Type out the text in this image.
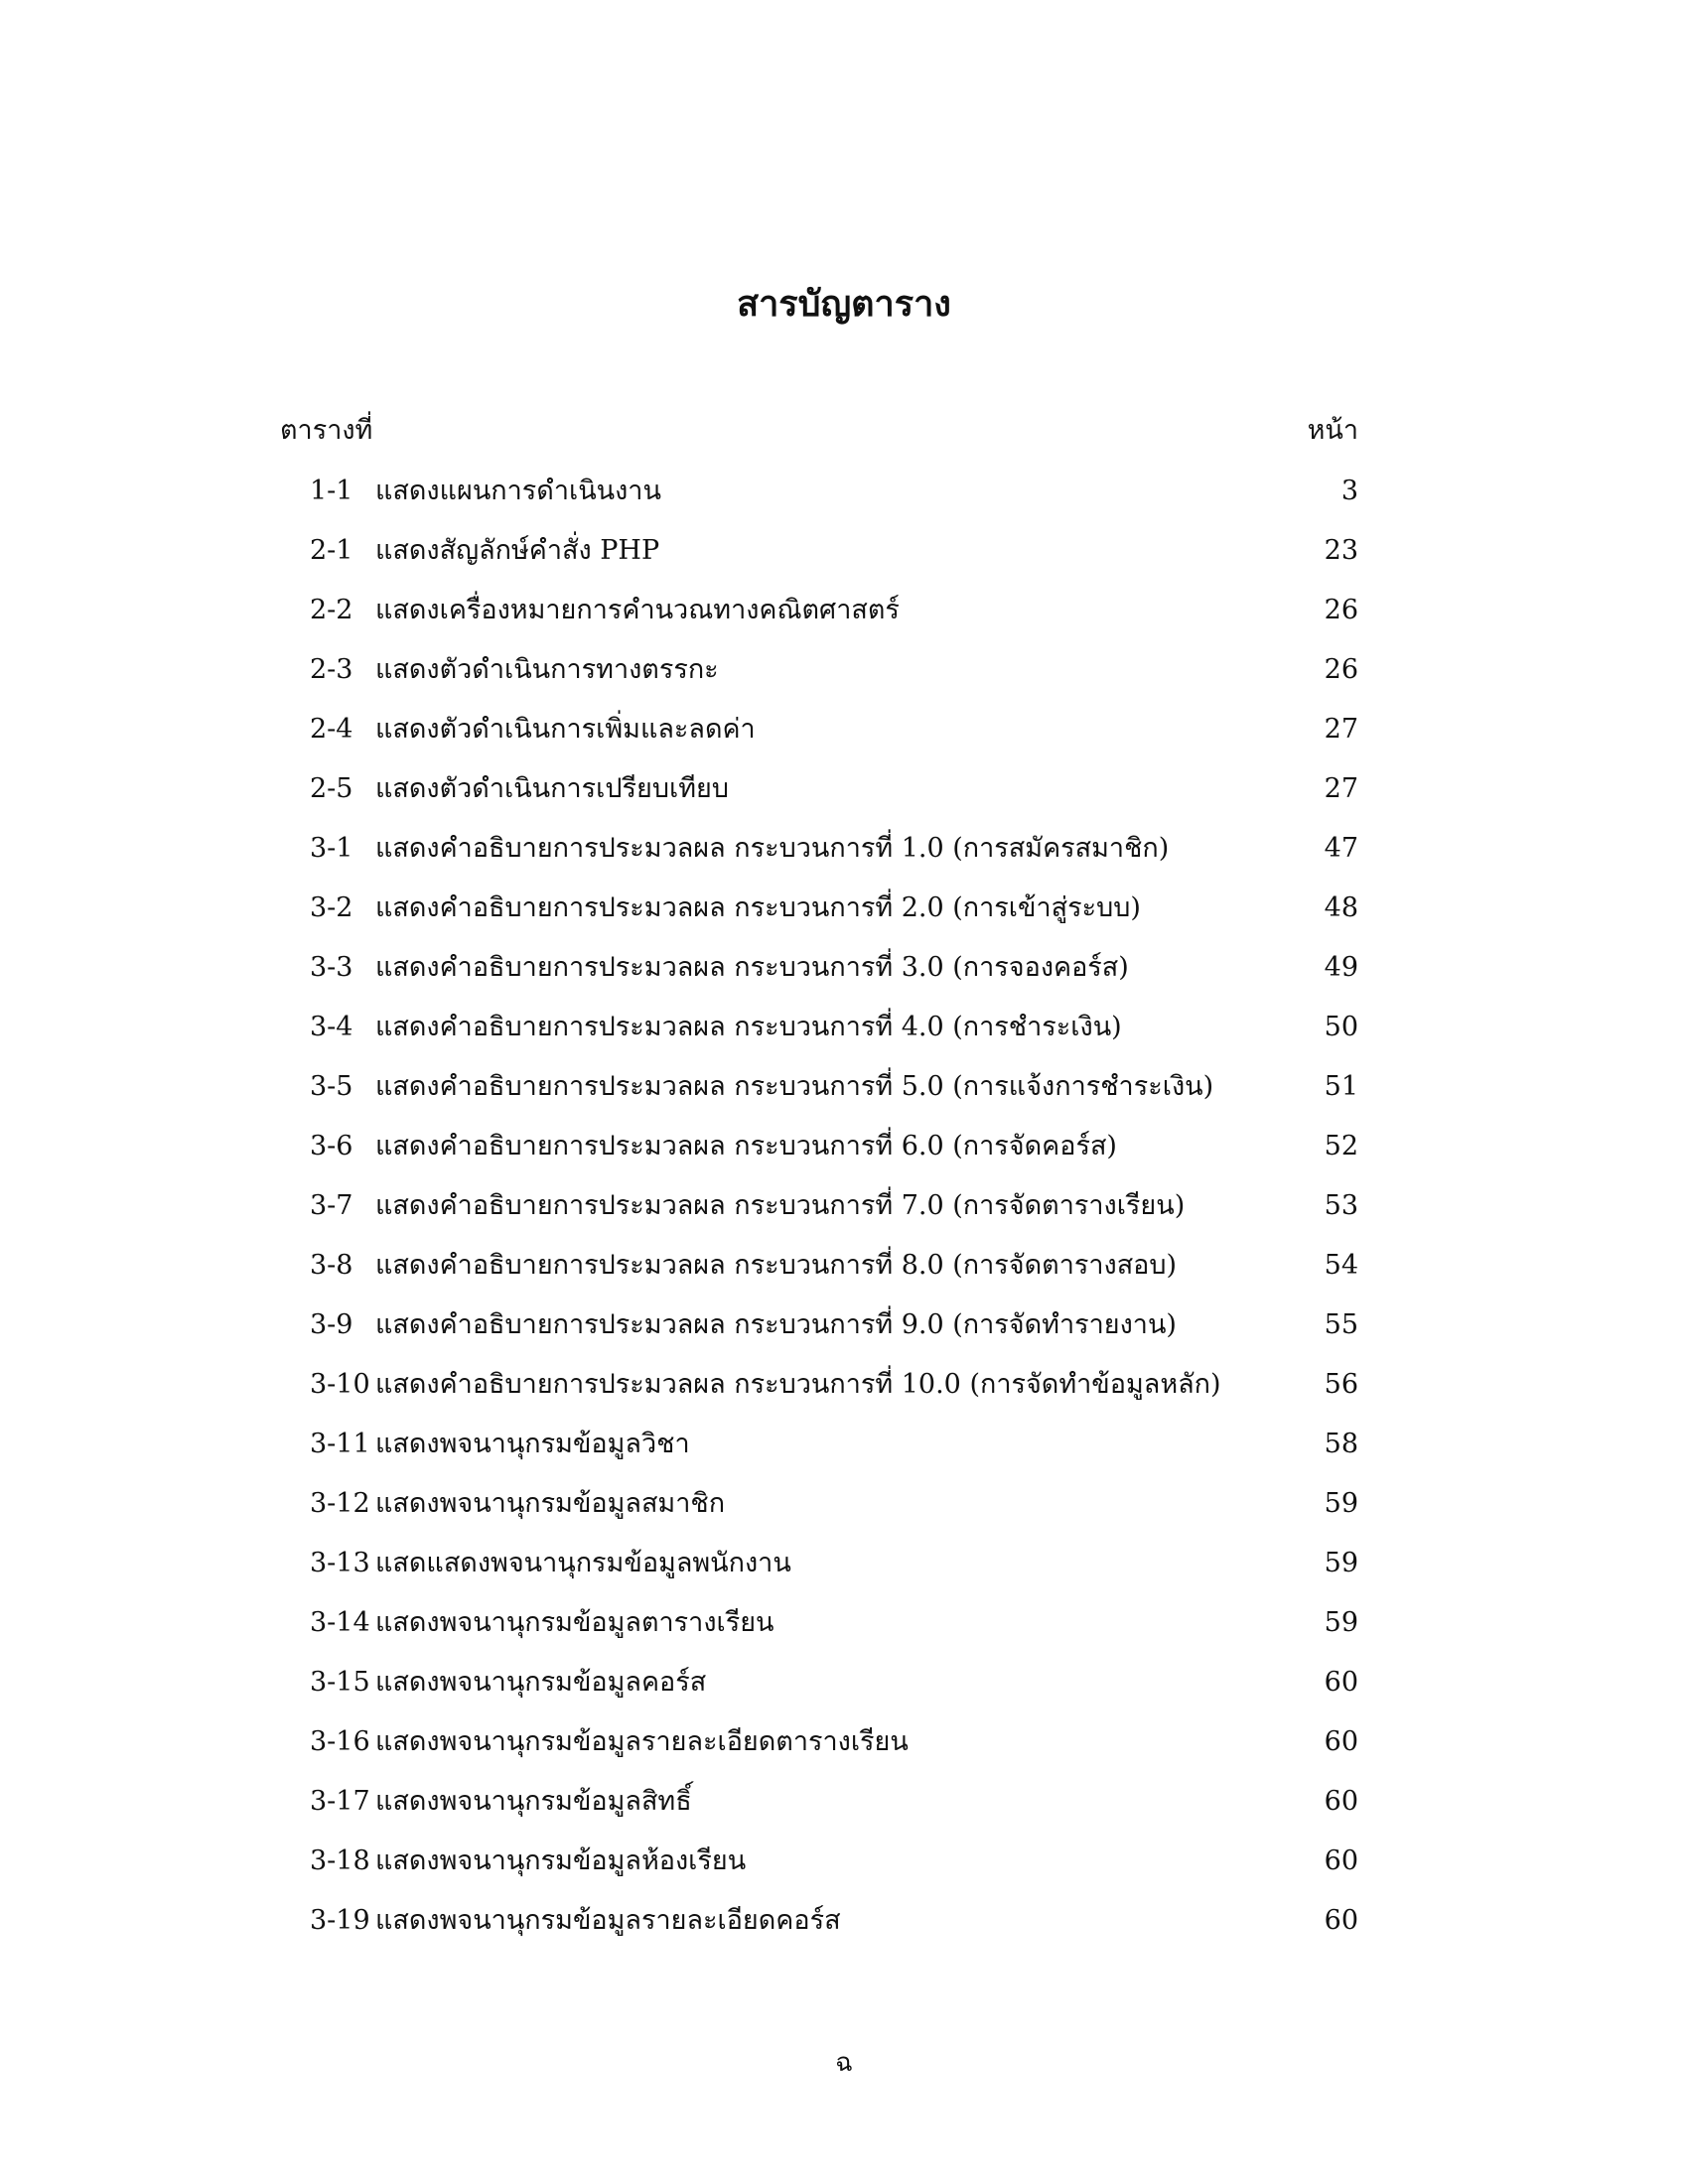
สารบัญตาราง
ตารางที่	หน้า
1-1 แสดงแผนการดำเนินงาน	3
2-1 แสดงสัญลักษ์คำสั่ง PHP	23
2-2 แสดงเครื่องหมายการคำนวณทางคณิตศาสตร์	26
2-3 แสดงตัวดำเนินการทางตรรกะ	26
2-4 แสดงตัวดำเนินการเพิ่มและลดค่า	27
2-5 แสดงตัวดำเนินการเปรียบเทียบ	27
3-1 แสดงคำอธิบายการประมวลผล กระบวนการที่ 1.0 (การสมัครสมาชิก)	47
3-2 แสดงคำอธิบายการประมวลผล กระบวนการที่ 2.0 (การเข้าสู่ระบบ)	48
3-3 แสดงคำอธิบายการประมวลผล กระบวนการที่ 3.0 (การจองคอร์ส)	49
3-4 แสดงคำอธิบายการประมวลผล กระบวนการที่ 4.0 (การชำระเงิน)	50
3-5 แสดงคำอธิบายการประมวลผล กระบวนการที่ 5.0 (การแจ้งการชำระเงิน)	51
3-6 แสดงคำอธิบายการประมวลผล กระบวนการที่ 6.0 (การจัดคอร์ส)	52
3-7 แสดงคำอธิบายการประมวลผล กระบวนการที่ 7.0 (การจัดตารางเรียน)	53
3-8 แสดงคำอธิบายการประมวลผล กระบวนการที่ 8.0 (การจัดตารางสอบ)	54
3-9 แสดงคำอธิบายการประมวลผล กระบวนการที่ 9.0 (การจัดทำรายงาน)	55
3-10 แสดงคำอธิบายการประมวลผล กระบวนการที่ 10.0 (การจัดทำข้อมูลหลัก)	56
3-11 แสดงพจนานุกรมข้อมูลวิชา	58
3-12 แสดงพจนานุกรมข้อมูลสมาชิก	59
3-13 แสดแสดงพจนานุกรมข้อมูลพนักงาน	59
3-14 แสดงพจนานุกรมข้อมูลตารางเรียน	59
3-15 แสดงพจนานุกรมข้อมูลคอร์ส	60
3-16 แสดงพจนานุกรมข้อมูลรายละเอียดตารางเรียน	60
3-17 แสดงพจนานุกรมข้อมูลสิทธิ์	60
3-18 แสดงพจนานุกรมข้อมูลห้องเรียน	60
3-19 แสดงพจนานุกรมข้อมูลรายละเอียดคอร์ส	60
ฉ
